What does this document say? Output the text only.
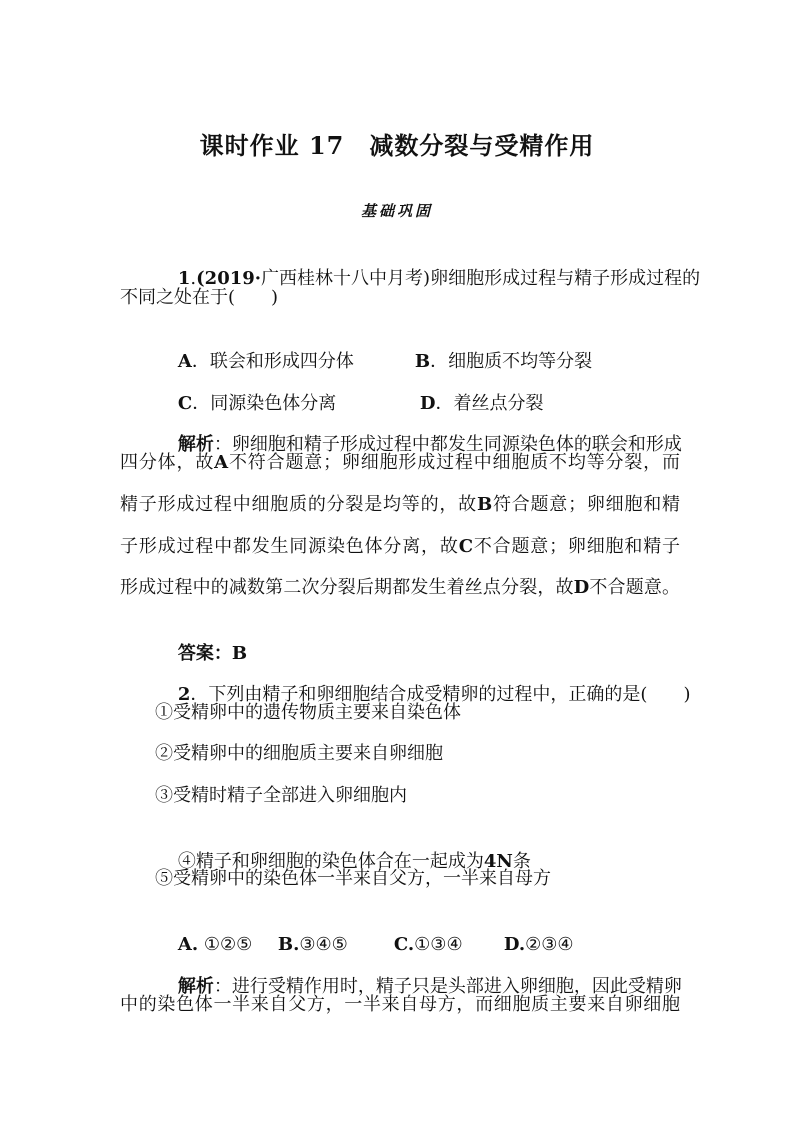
课时作业 17　减数分裂与受精作用
基础巩固

1.(2019·广西桂林十八中月考)卵细胞形成过程与精子形成过程的

不同之处在于(　　)

A．联会和形成四分体
	B．细胞质不均等分裂

C．同源染色体分离
	D．着丝点分裂

解析：卵细胞和精子形成过程中都发生同源染色体的联会和形成

四分体，故A不符合题意；卵细胞形成过程中细胞质不均等分裂，而
精子形成过程中细胞质的分裂是均等的，故B符合题意；卵细胞和精
子形成过程中都发生同源染色体分离，故C不合题意；卵细胞和精子
形成过程中的减数第二次分裂后期都发生着丝点分裂，故D不合题意。

答案：B

2．下列由精子和卵细胞结合成受精卵的过程中，正确的是(　　)

①受精卵中的遗传物质主要来自染色体
②受精卵中的细胞质主要来自卵细胞
③受精时精子全部进入卵细胞内

④精子和卵细胞的染色体合在一起成为4N条

⑤受精卵中的染色体一半来自父方，一半来自母方

A. ①②⑤
	B.③④⑤
	C.①③④
	D.②③④

解析：进行受精作用时，精子只是头部进入卵细胞，因此受精卵

中的染色体一半来自父方，一半来自母方，而细胞质主要来自卵细胞
